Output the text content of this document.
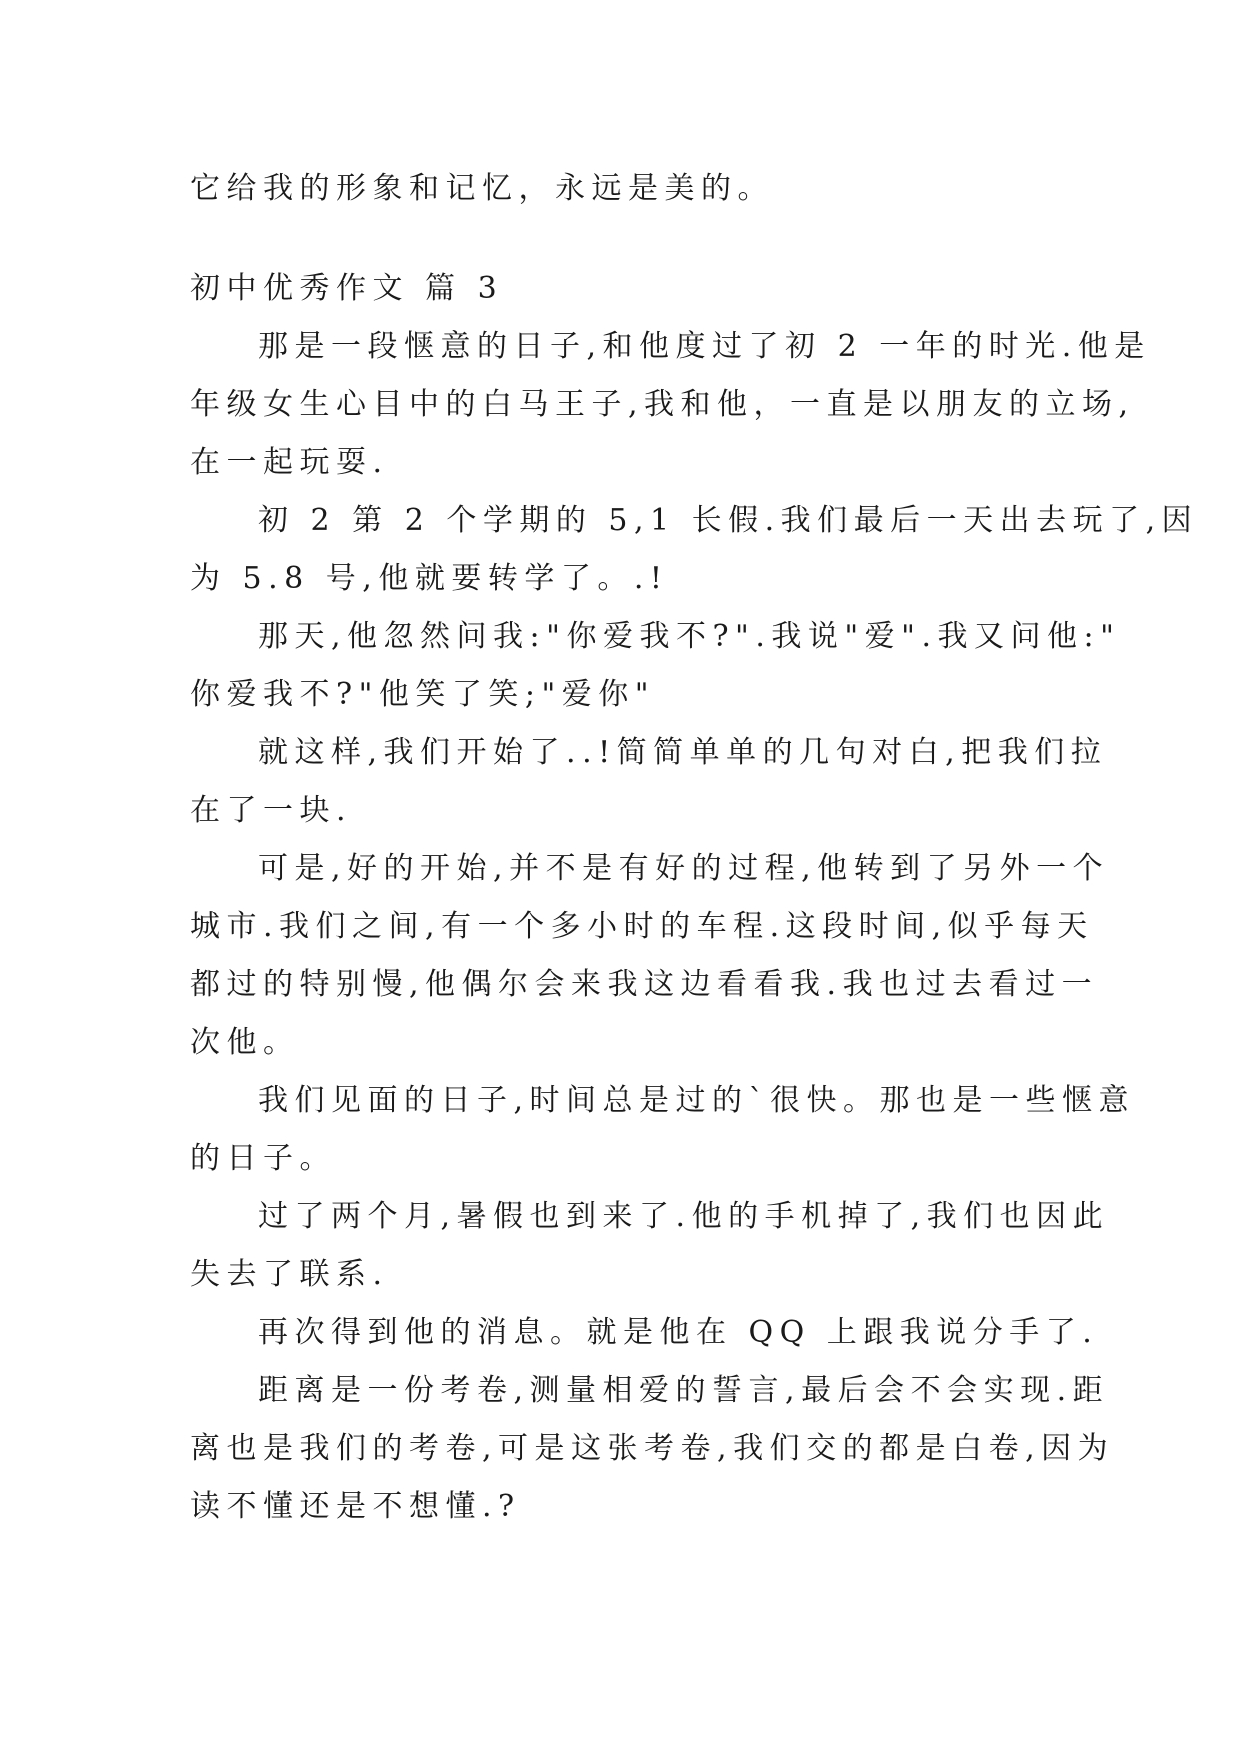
它给我的形象和记忆，永远是美的。
初中优秀作文 篇 3

那是一段惬意的日子,和他度过了初 2 一年的时光.他是
年级女生心目中的白马王子,我和他，一直是以朋友的立场,
在一起玩耍.

初 2 第 2 个学期的 5,1 长假.我们最后一天出去玩了,因
为 5.8 号,他就要转学了。.!

那天,他忽然问我:"你爱我不?".我说"爱".我又问他:"
你爱我不?"他笑了笑;"爱你"

就这样,我们开始了..!简简单单的几句对白,把我们拉
在了一块.

可是,好的开始,并不是有好的过程,他转到了另外一个
城市.我们之间,有一个多小时的车程.这段时间,似乎每天
都过的特别慢,他偶尔会来我这边看看我.我也过去看过一
次他。

我们见面的日子,时间总是过的`很快。那也是一些惬意
的日子。

过了两个月,暑假也到来了.他的手机掉了,我们也因此
失去了联系.

再次得到他的消息。就是他在 QQ 上跟我说分手了.

距离是一份考卷,测量相爱的誓言,最后会不会实现.距
离也是我们的考卷,可是这张考卷,我们交的都是白卷,因为
读不懂还是不想懂.?
